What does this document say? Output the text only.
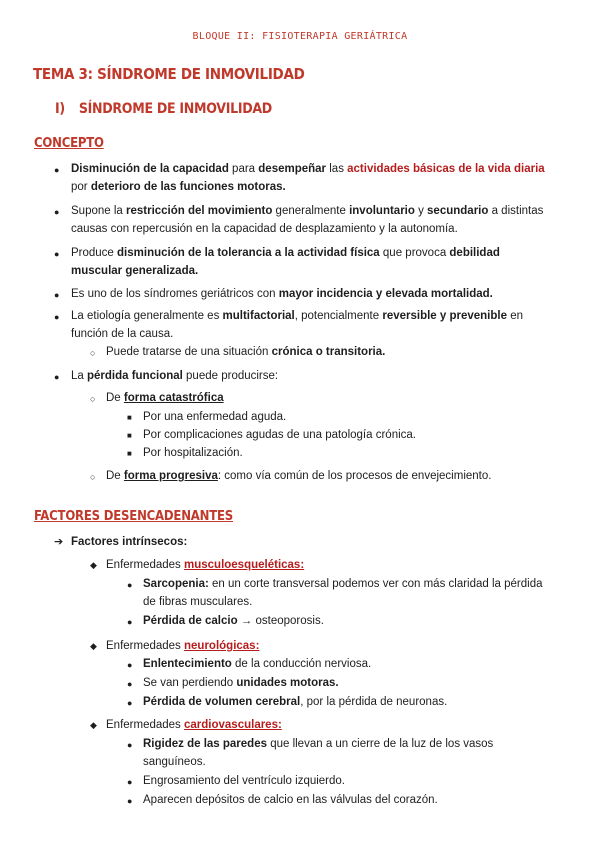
BLOQUE II: FISIOTERAPIA GERIÁTRICA
TEMA 3: SÍNDROME DE INMOVILIDAD
I) SÍNDROME DE INMOVILIDAD
CONCEPTO
● Disminución de la capacidad para desempeñar las actividades básicas de la vida diaria
por deterioro de las funciones motoras.
● Supone la restricción del movimiento generalmente involuntario y secundario a distintas
causas con repercusión en la capacidad de desplazamiento y la autonomía.
● Produce disminución de la tolerancia a la actividad física que provoca debilidad
muscular generalizada.
● Es uno de los síndromes geriátricos con mayor incidencia y elevada mortalidad.
● La etiología generalmente es multifactorial, potencialmente reversible y prevenible en
función de la causa.
○ Puede tratarse de una situación crónica o transitoria.
● La pérdida funcional puede producirse:
○ De forma catastrófica
■ Por una enfermedad aguda.
■ Por complicaciones agudas de una patología crónica.
■ Por hospitalización.
○ De forma progresiva: como vía común de los procesos de envejecimiento.
FACTORES DESENCADENANTES
➔ Factores intrínsecos:
◆ Enfermedades musculoesqueléticas:
● Sarcopenia: en un corte transversal podemos ver con más claridad la pérdida
de fibras musculares.
● Pérdida de calcio → osteoporosis.
◆ Enfermedades neurológicas:
● Enlentecimiento de la conducción nerviosa.
● Se van perdiendo unidades motoras.
● Pérdida de volumen cerebral, por la pérdida de neuronas.
◆ Enfermedades cardiovasculares:
● Rigidez de las paredes que llevan a un cierre de la luz de los vasos
sanguíneos.
● Engrosamiento del ventrículo izquierdo.
● Aparecen depósitos de calcio en las válvulas del corazón.
